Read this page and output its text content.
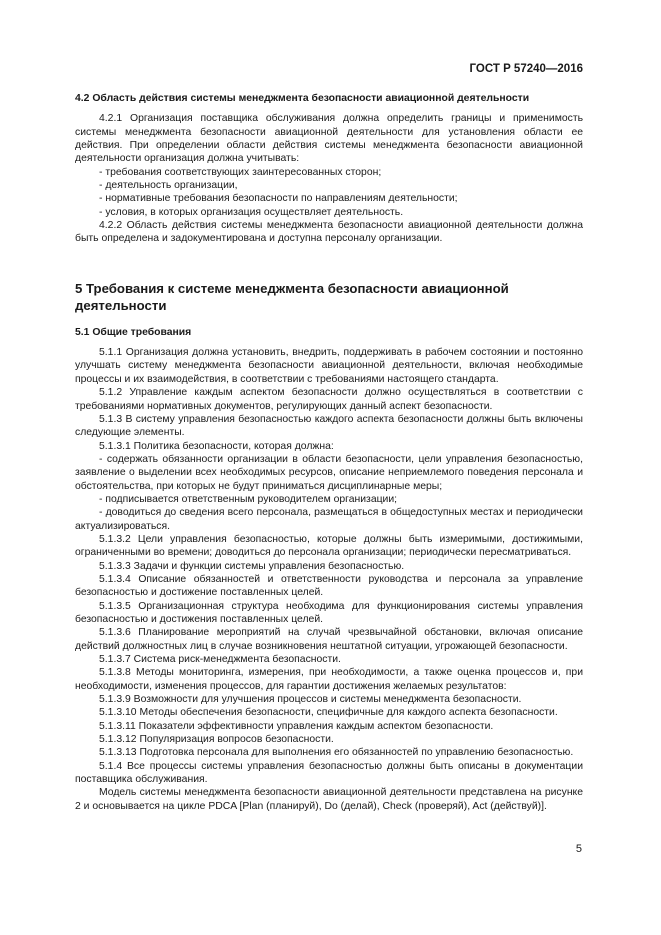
ГОСТ Р 57240—2016
4.2 Область действия системы менеджмента безопасности авиационной деятельности

4.2.1 Организация поставщика обслуживания должна определить границы и применимость системы менеджмента безопасности авиационной деятельности для установления области ее действия. При определении области действия системы менеджмента безопасности авиационной деятельности организация должна учитывать:

- требования соответствующих заинтересованных сторон;

- деятельность организации,

- нормативные требования безопасности по направлениям деятельности;

- условия, в которых организация осуществляет деятельность.

4.2.2 Область действия системы менеджмента безопасности авиационной деятельности должна быть определена и задокументирована и доступна персоналу организации.

5 Требования к системе менеджмента безопасности авиационной деятельности
5.1 Общие требования

5.1.1 Организация должна установить, внедрить, поддерживать в рабочем состоянии и постоянно улучшать систему менеджмента безопасности авиационной деятельности, включая необходимые процессы и их взаимодействия, в соответствии с требованиями настоящего стандарта.

5.1.2 Управление каждым аспектом безопасности должно осуществляться в соответствии с требованиями нормативных документов, регулирующих данный аспект безопасности.

5.1.3 В систему управления безопасностью каждого аспекта безопасности должны быть включены следующие элементы.

5.1.3.1 Политика безопасности, которая должна:

- содержать обязанности организации в области безопасности, цели управления безопасностью, заявление о выделении всех необходимых ресурсов, описание неприемлемого поведения персонала и обстоятельства, при которых не будут приниматься дисциплинарные меры;

- подписывается ответственным руководителем организации;

- доводиться до сведения всего персонала, размещаться в общедоступных местах и периодически актуализироваться.

5.1.3.2 Цели управления безопасностью, которые должны быть измеримыми, достижимыми, ограниченными во времени; доводиться до персонала организации; периодически пересматриваться.

5.1.3.3 Задачи и функции системы управления безопасностью.

5.1.3.4 Описание обязанностей и ответственности руководства и персонала за управление безопасностью и достижение поставленных целей.

5.1.3.5 Организационная структура необходима для функционирования системы управления безопасностью и достижения поставленных целей.

5.1.3.6 Планирование мероприятий на случай чрезвычайной обстановки, включая описание действий должностных лиц в случае возникновения нештатной ситуации, угрожающей безопасности.

5.1.3.7 Система риск-менеджмента безопасности.

5.1.3.8 Методы мониторинга, измерения, при необходимости, а также оценка процессов и, при необходимости, изменения процессов, для гарантии достижения желаемых результатов:

5.1.3.9 Возможности для улучшения процессов и системы менеджмента безопасности.

5.1.3.10 Методы обеспечения безопасности, специфичные для каждого аспекта безопасности.

5.1.3.11 Показатели эффективности управления каждым аспектом безопасности.

5.1.3.12 Популяризация вопросов безопасности.

5.1.3.13 Подготовка персонала для выполнения его обязанностей по управлению безопасностью.

5.1.4 Все процессы системы управления безопасностью должны быть описаны в документации поставщика обслуживания.

Модель системы менеджмента безопасности авиационной деятельности представлена на рисунке 2 и основывается на цикле PDCA [Plan (планируй), Do (делай), Check (проверяй), Act (действуй)].

5
